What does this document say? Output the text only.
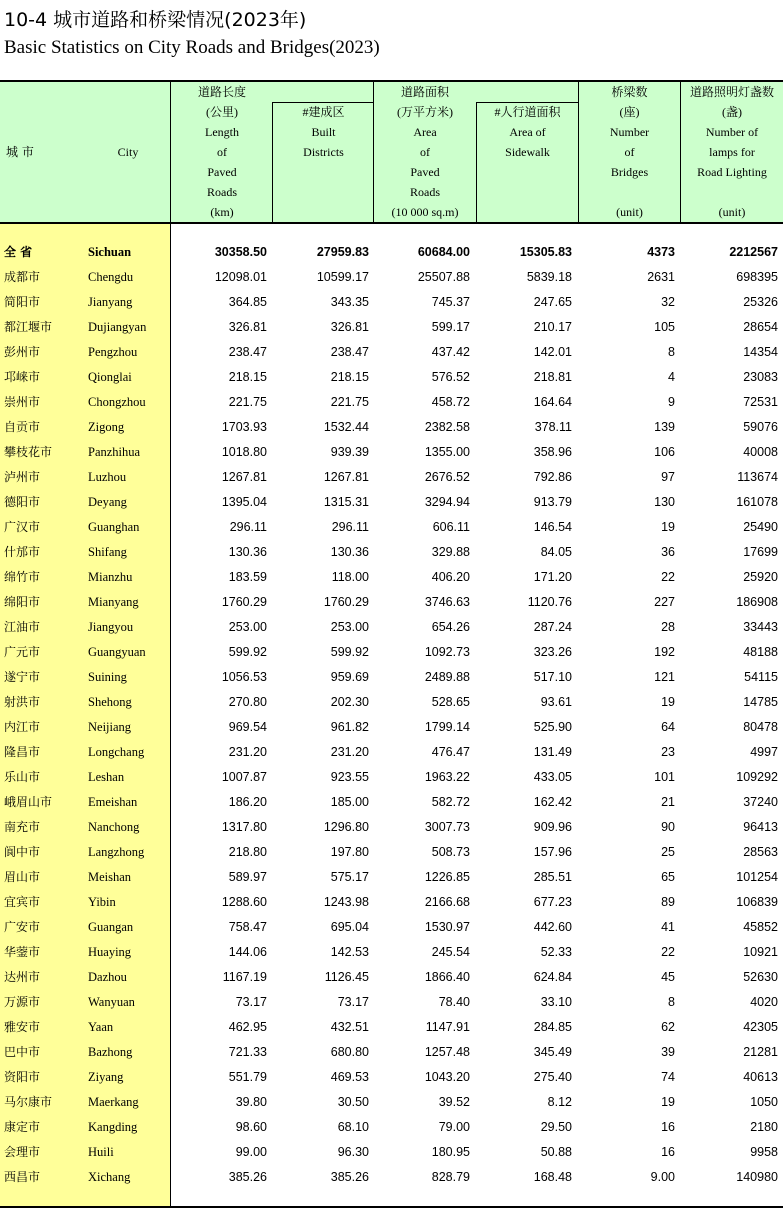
10-4 城市道路和桥梁情况(2023年)
Basic Statistics on City Roads and Bridges(2023)
城 市	City
道路长度
(公里)
Length
of
Paved
Roads
(km)
#建成区
Built
Districts
道路面积
(万平方米)
Area
of
Paved
Roads
(10 000 sq.m)
#人行道面积
Area of
Sidewalk
桥梁数
(座)
Number
of
Bridges

(unit)
道路照明灯盏数
(盏)
Number of
lamps for
Road Lighting

(unit)
全 省	Sichuan	30358.50	27959.83	60684.00	15305.83	4373	2212567
成都市	Chengdu	12098.01	10599.17	25507.88	5839.18	2631	698395
简阳市	Jianyang	364.85	343.35	745.37	247.65	32	25326
都江堰市	Dujiangyan	326.81	326.81	599.17	210.17	105	28654
彭州市	Pengzhou	238.47	238.47	437.42	142.01	8	14354
邛崃市	Qionglai	218.15	218.15	576.52	218.81	4	23083
崇州市	Chongzhou	221.75	221.75	458.72	164.64	9	72531
自贡市	Zigong	1703.93	1532.44	2382.58	378.11	139	59076
攀枝花市	Panzhihua	1018.80	939.39	1355.00	358.96	106	40008
泸州市	Luzhou	1267.81	1267.81	2676.52	792.86	97	113674
德阳市	Deyang	1395.04	1315.31	3294.94	913.79	130	161078
广汉市	Guanghan	296.11	296.11	606.11	146.54	19	25490
什邡市	Shifang	130.36	130.36	329.88	84.05	36	17699
绵竹市	Mianzhu	183.59	118.00	406.20	171.20	22	25920
绵阳市	Mianyang	1760.29	1760.29	3746.63	1120.76	227	186908
江油市	Jiangyou	253.00	253.00	654.26	287.24	28	33443
广元市	Guangyuan	599.92	599.92	1092.73	323.26	192	48188
遂宁市	Suining	1056.53	959.69	2489.88	517.10	121	54115
射洪市	Shehong	270.80	202.30	528.65	93.61	19	14785
内江市	Neijiang	969.54	961.82	1799.14	525.90	64	80478
隆昌市	Longchang	231.20	231.20	476.47	131.49	23	4997
乐山市	Leshan	1007.87	923.55	1963.22	433.05	101	109292
峨眉山市	Emeishan	186.20	185.00	582.72	162.42	21	37240
南充市	Nanchong	1317.80	1296.80	3007.73	909.96	90	96413
阆中市	Langzhong	218.80	197.80	508.73	157.96	25	28563
眉山市	Meishan	589.97	575.17	1226.85	285.51	65	101254
宜宾市	Yibin	1288.60	1243.98	2166.68	677.23	89	106839
广安市	Guangan	758.47	695.04	1530.97	442.60	41	45852
华蓥市	Huaying	144.06	142.53	245.54	52.33	22	10921
达州市	Dazhou	1167.19	1126.45	1866.40	624.84	45	52630
万源市	Wanyuan	73.17	73.17	78.40	33.10	8	4020
雅安市	Yaan	462.95	432.51	1147.91	284.85	62	42305
巴中市	Bazhong	721.33	680.80	1257.48	345.49	39	21281
资阳市	Ziyang	551.79	469.53	1043.20	275.40	74	40613
马尔康市	Maerkang	39.80	30.50	39.52	8.12	19	1050
康定市	Kangding	98.60	68.10	79.00	29.50	16	2180
会理市	Huili	99.00	96.30	180.95	50.88	16	9958
西昌市	Xichang	385.26	385.26	828.79	168.48	9.00	140980
